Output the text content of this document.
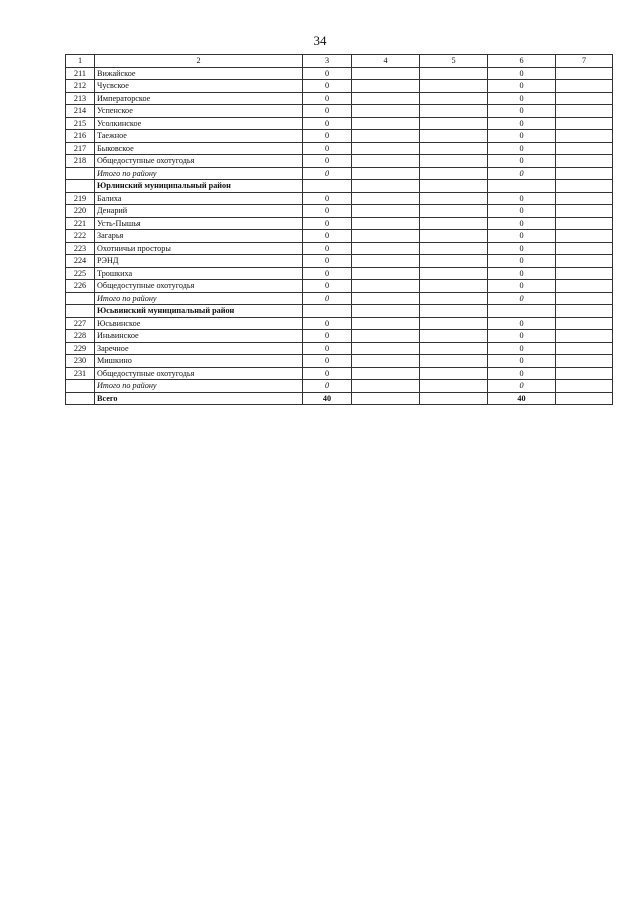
34
1	2	3	4	5	6	7
211	Вижайское	0			0	
212	Чусвское	0			0	
213	Императорское	0			0	
214	Успенское	0			0	
215	Усолкинское	0			0	
216	Таежное	0			0	
217	Быковское	0			0	
218	Общедоступные охотугодья	0			0	
	Итого по району	0			0	
	Юрлинский муниципальный район					
219	Балиха	0			0	
220	Денарий	0			0	
221	Усть-Пышья	0			0	
222	Загарья	0			0	
223	Охотничьи просторы	0			0	
224	РЭНД	0			0	
225	Трошкиха	0			0	
226	Общедоступные охотугодья	0			0	
	Итого по району	0			0	
	Юсьвинский муниципальный район					
227	Юсьвинское	0			0	
228	Иньвинское	0			0	
229	Заречное	0			0	
230	Мишкино	0			0	
231	Общедоступные охотугодья	0			0	
	Итого по району	0			0	
	Всего	40			40	
